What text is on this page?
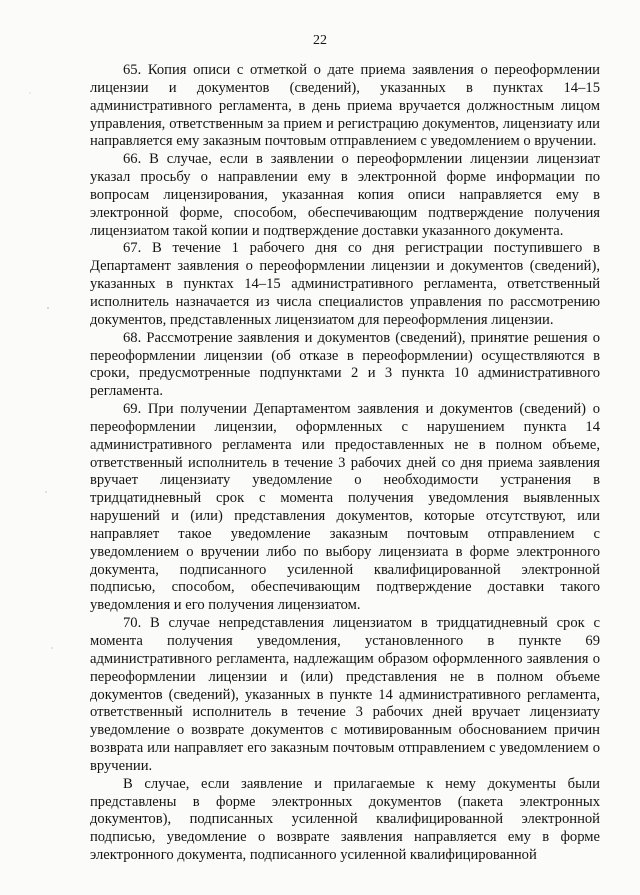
22

65. Копия описи с отметкой о дате приема заявления о переоформлении лицензии и документов (сведений), указанных в пунктах 14–15 административного регламента, в день приема вручается должностным лицом управления, ответственным за прием и регистрацию документов, лицензиату или направляется ему заказным почтовым отправлением с уведомлением о вручении.

66. В случае, если в заявлении о переоформлении лицензии лицензиат указал просьбу о направлении ему в электронной форме информации по вопросам лицензирования, указанная копия описи направляется ему в электронной форме, способом, обеспечивающим подтверждение получения лицензиатом такой копии и подтверждение доставки указанного документа.

67. В течение 1 рабочего дня со дня регистрации поступившего в Департамент заявления о переоформлении лицензии и документов (сведений), указанных в пунктах 14–15 административного регламента, ответственный исполнитель назначается из числа специалистов управления по рассмотрению документов, представленных лицензиатом для переоформления лицензии.

68. Рассмотрение заявления и документов (сведений), принятие решения о переоформлении лицензии (об отказе в переоформлении) осуществляются в сроки, предусмотренные подпунктами 2 и 3 пункта 10 административного регламента.

69. При получении Департаментом заявления и документов (сведений) о переоформлении лицензии, оформленных с нарушением пункта 14 административного регламента или предоставленных не в полном объеме, ответственный исполнитель в течение 3 рабочих дней со дня приема заявления вручает лицензиату уведомление о необходимости устранения в тридцатидневный срок с момента получения уведомления выявленных нарушений и (или) представления документов, которые отсутствуют, или направляет такое уведомление заказным почтовым отправлением с уведомлением о вручении либо по выбору лицензиата в форме электронного документа, подписанного усиленной квалифицированной электронной подписью, способом, обеспечивающим подтверждение доставки такого уведомления и его получения лицензиатом.

70. В случае непредставления лицензиатом в тридцатидневный срок с момента получения уведомления, установленного в пункте 69 административного регламента, надлежащим образом оформленного заявления о переоформлении лицензии и (или) представления не в полном объеме документов (сведений), указанных в пункте 14 административного регламента, ответственный исполнитель в течение 3 рабочих дней вручает лицензиату уведомление о возврате документов с мотивированным обоснованием причин возврата или направляет его заказным почтовым отправлением с уведомлением о вручении.

В случае, если заявление и прилагаемые к нему документы были представлены в форме электронных документов (пакета электронных документов), подписанных усиленной квалифицированной электронной подписью, уведомление о возврате заявления направляется ему в форме электронного документа, подписанного усиленной квалифицированной
